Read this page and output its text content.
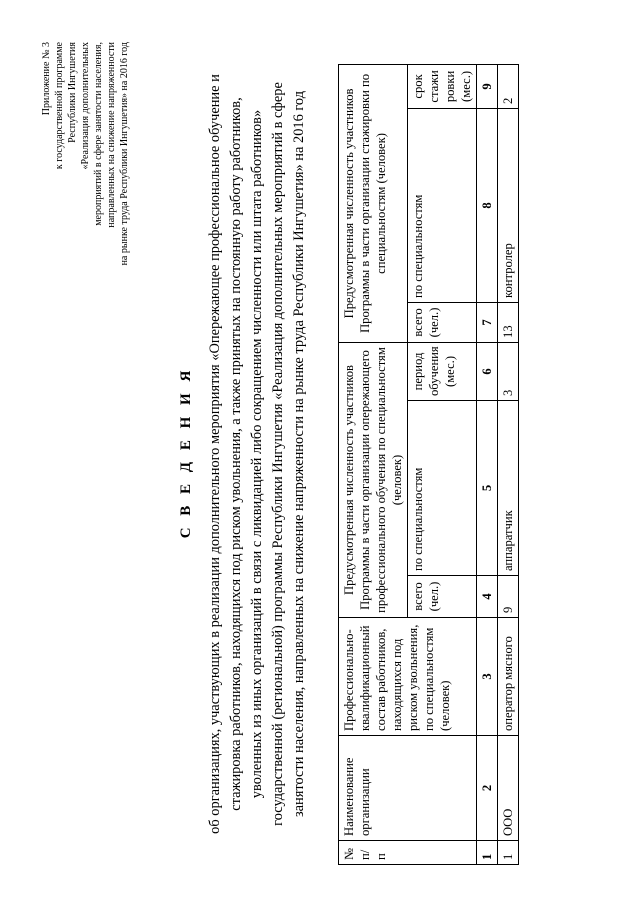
Приложение № 3 к государственной программе Республики Ингушетия «Реализация дополнительных мероприятий в сфере занятости населения, направленных на снижение напряженности на рынке труда Республики Ингушетия» на 2016 год
С В Е Д Е Н И Я об организациях, участвующих в реализации дополнительного мероприятия «Опережающее профессиональное обучение и стажировка работников, находящихся под риском увольнения, а также принятых на постоянную работу работников, уволенных из иных организаций в связи с ликвидацией либо сокращением численности или штата работников» государственной (региональной) программы Республики Ингушетия «Реализация дополнительных мероприятий в сфере занятости населения, направленных на снижение напряженности на рынке труда Республики Ингушетия» на 2016 год
№ п/ п	Наименование организации	Профессионально-квалификационный состав работников, находящихся под риском увольнения, по специальностям (человек)	Предусмотренная численность участников Программы в части организации опережающего профессионального обучения по специальностям (человек)			Предусмотренная численность участников Программы в части организации стажировки по специальностям (человек)		
			всего (чел.)	по специальностям	период обучения (мес.)	всего (чел.)	по специальностям	срок стажи ровки (мес.)
1	2	3	4	5	6	7	8	9
1	ООО	оператор мясного	9	аппаратчик	3	13	контролер	2
